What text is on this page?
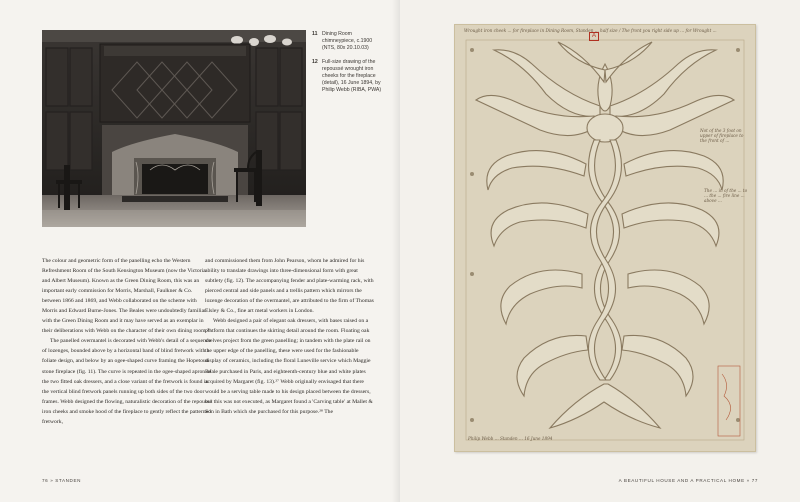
11 Dining Room chimneypiece, c.1900 (NTS, 80x 20.10.03)
12 Full-size drawing of the repoussé wrought iron cheeks for the fireplace (detail), 16 June 1894, by Philip Webb (RIBA, PWA)

The colour and geometric form of the panelling echo the Western Refreshment Room of the South Kensington Museum (now the Victoria and Albert Museum). Known as the Green Dining Room, this was an important early commission for Morris, Marshall, Faulkner & Co. between 1866 and 1869, and Webb collaborated on the scheme with Morris and Edward Burne-Jones. The Beales were undoubtedly familiar with the Green Dining Room and it may have served as an exemplar in their deliberations with Webb on the character of their own dining room.²⁶

The panelled overmantel is decorated with Webb's detail of a sequence of lozenges, bounded above by a horizontal band of blind fretwork with a foliate design, and below by an ogee-shaped curve framing the Hopetoun stone fireplace (fig. 11). The curve is repeated in the ogee-shaped apron of the two fitted oak dressers, and a close variant of the fretwork is found in the vertical blind fretwork panels running up both sides of the two door frames. Webb designed the flowing, naturalistic decoration of the repoussé iron cheeks and smoke hood of the fireplace to gently reflect the patterned fretwork,

and commissioned them from John Pearson, whom he admired for his ability to translate drawings into three-dimensional form with great subtlety (fig. 12). The accompanying fender and plate-warming rack, with pierced central and side panels and a trellis pattern which mirrors the lozenge decoration of the overmantel, are attributed to the firm of Thomas Elsley & Co., fine art metal workers in London.

Webb designed a pair of elegant oak dressers, with bases raised on a platform that continues the skirting detail around the room. Floating oak shelves project from the green panelling; in tandem with the plate rail on the upper edge of the panelling, these were used for the fashionable display of ceramics, including the floral Luneville service which Maggie Beale purchased in Paris, and eighteenth-century blue and white plates acquired by Margaret (fig. 13).²⁷ Webb originally envisaged that there would be a serving table made to his design placed between the dressers, but this was not executed, as Margaret found a 'Carving table' at Mallet & Son in Bath which she purchased for this purpose.²⁸ The

76 » STANDEN	A BEAUTIFUL HOUSE AND A PRACTICAL HOME » 77
A
Wrought iron cheek ... for fireplace in Dining Room, Standen ... half size / The front you right side up ... for Wrought ...
Not of the 3 foot on upper of fireplace to the front of ...
The ... in of the ... to ... the ... fire line ... above ...
Philip Webb ... Standen ... 16 June 1894
